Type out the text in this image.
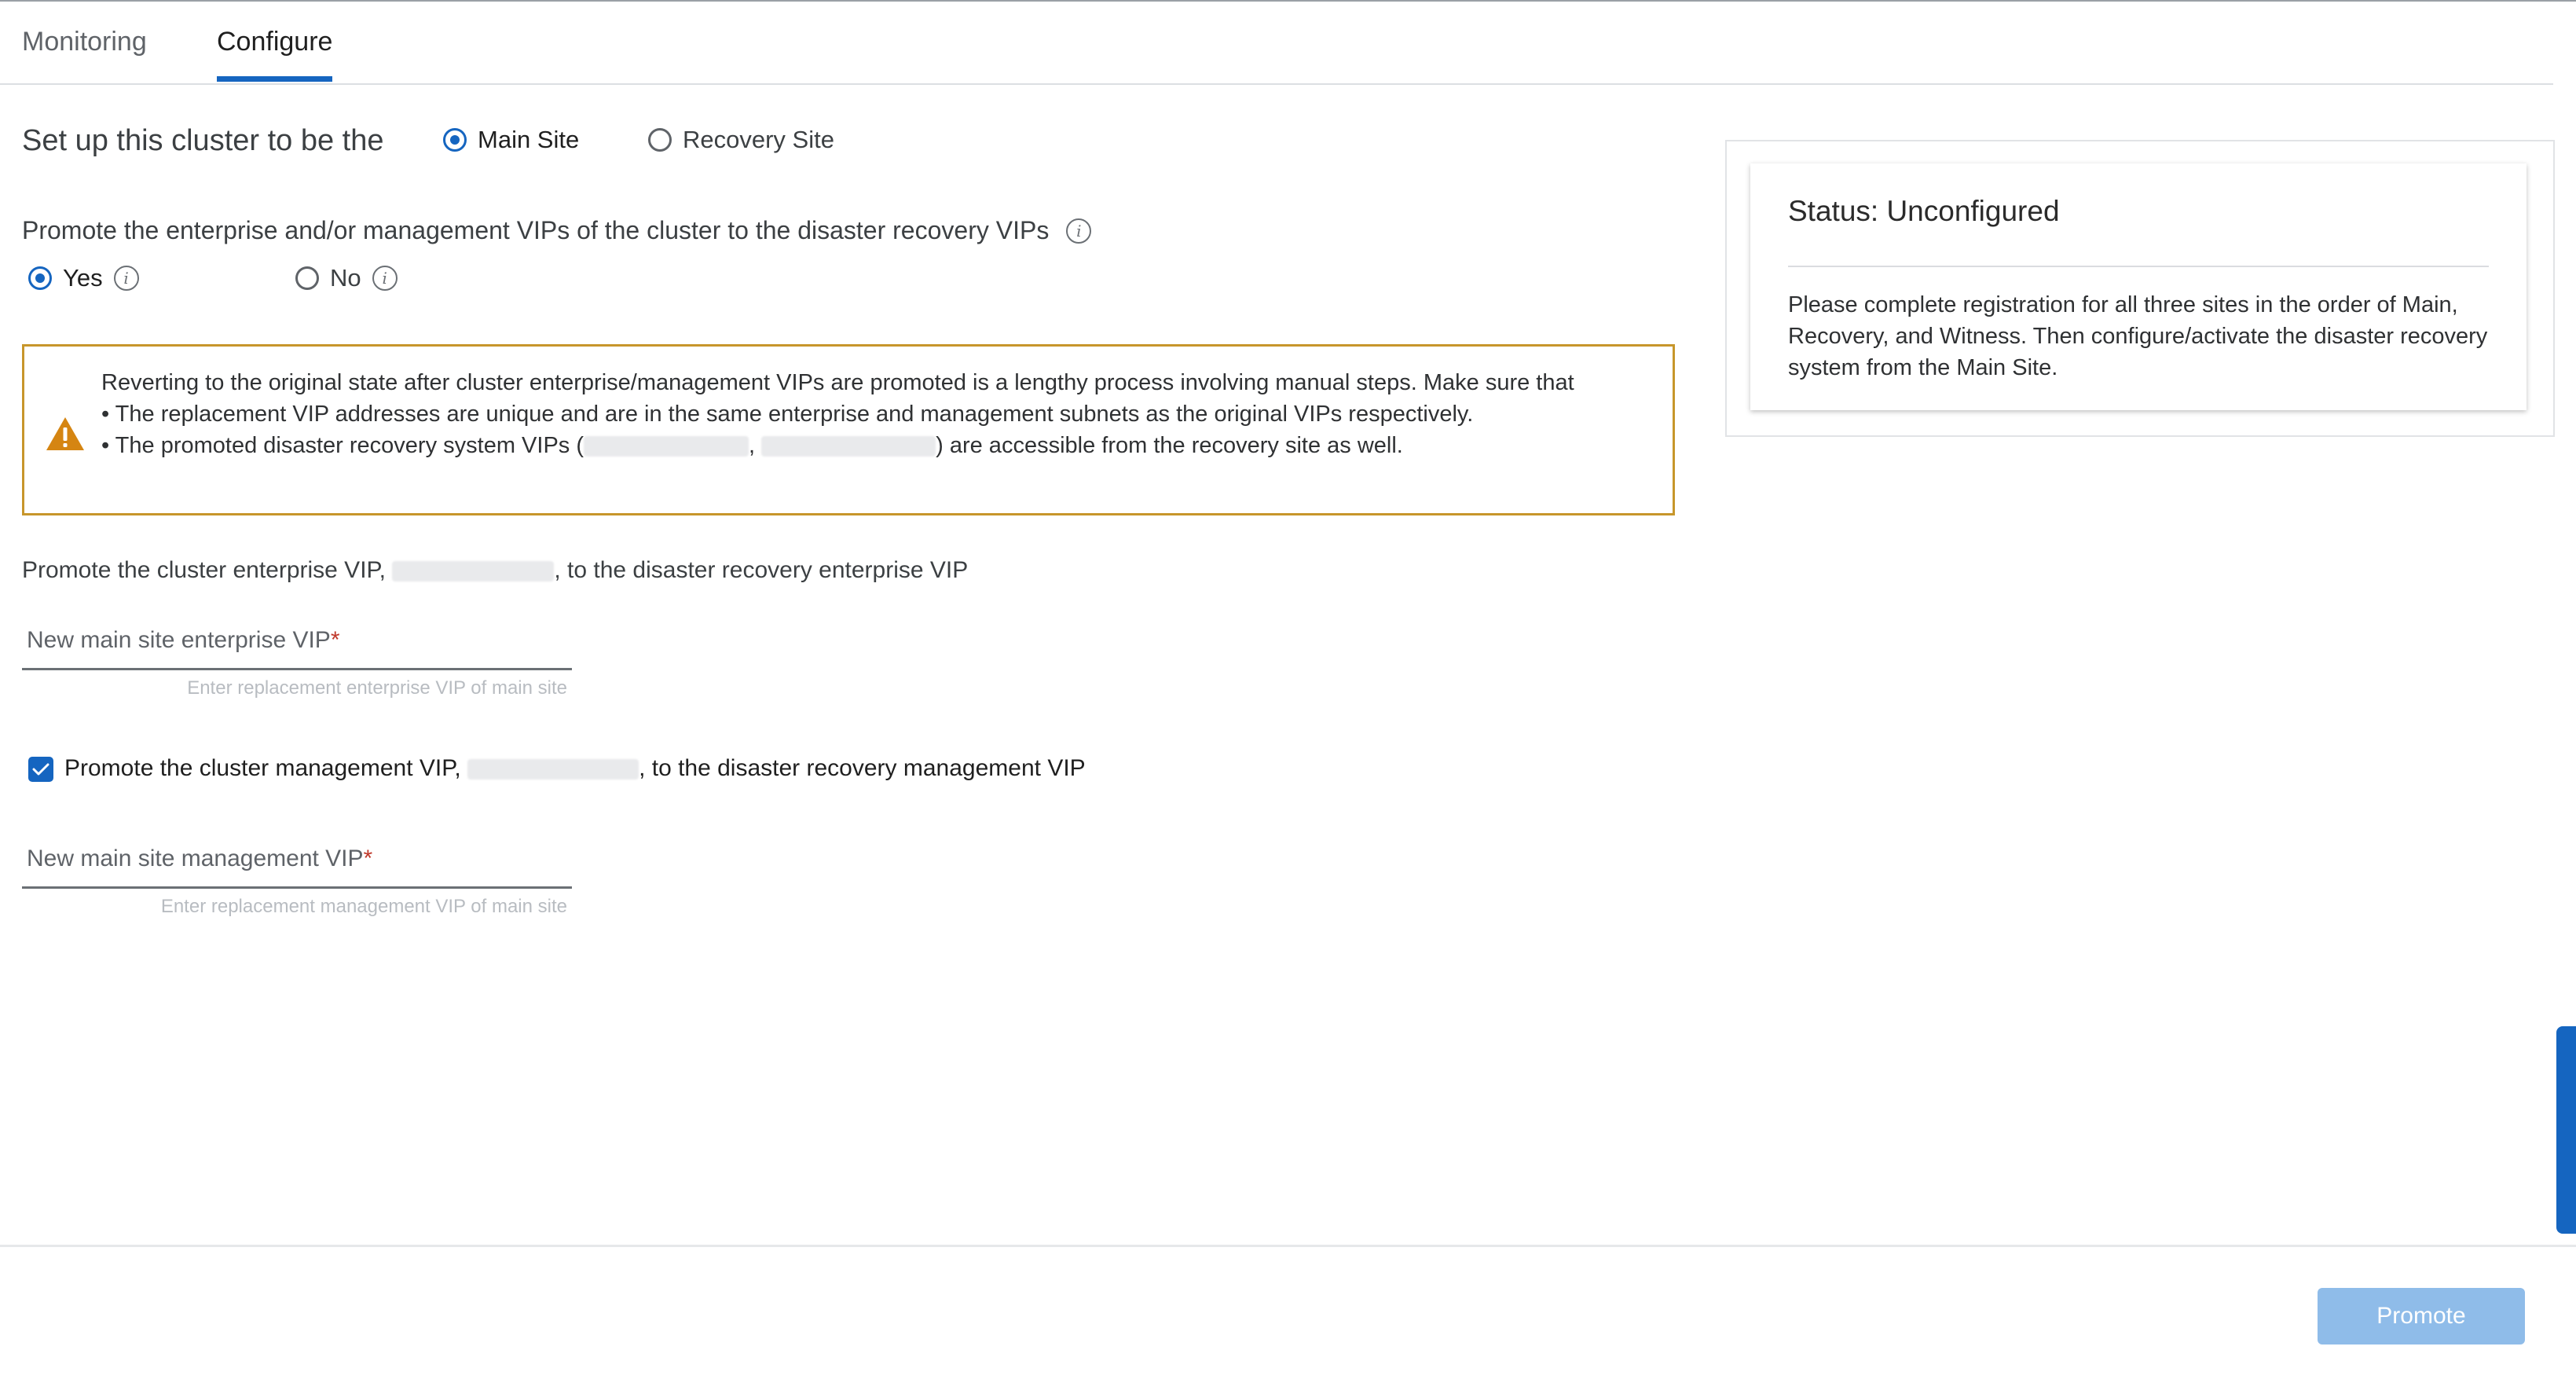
Monitoring	Configure
Set up this cluster to be the	Main Site	Recovery Site
Promote the enterprise and/or management VIPs of the cluster to the disaster recovery VIPs	i
Yes	i	No	i

Reverting to the original state after cluster enterprise/management VIPs are promoted is a lengthy process involving manual steps. Make sure that

• The replacement VIP addresses are unique and are in the same enterprise and management subnets as the original VIPs respectively.

• The promoted disaster recovery system VIPs (	,	) are accessible from the recovery site as well.

Promote the cluster enterprise VIP,	, to the disaster recovery enterprise VIP
New main site enterprise VIP*
Enter replacement enterprise VIP of main site
Promote the cluster management VIP,	, to the disaster recovery management VIP
New main site management VIP*
Enter replacement management VIP of main site
Status: Unconfigured
Please complete registration for all three sites in the order of Main, Recovery, and Witness. Then configure/activate the disaster recovery system from the Main Site.
Promote
